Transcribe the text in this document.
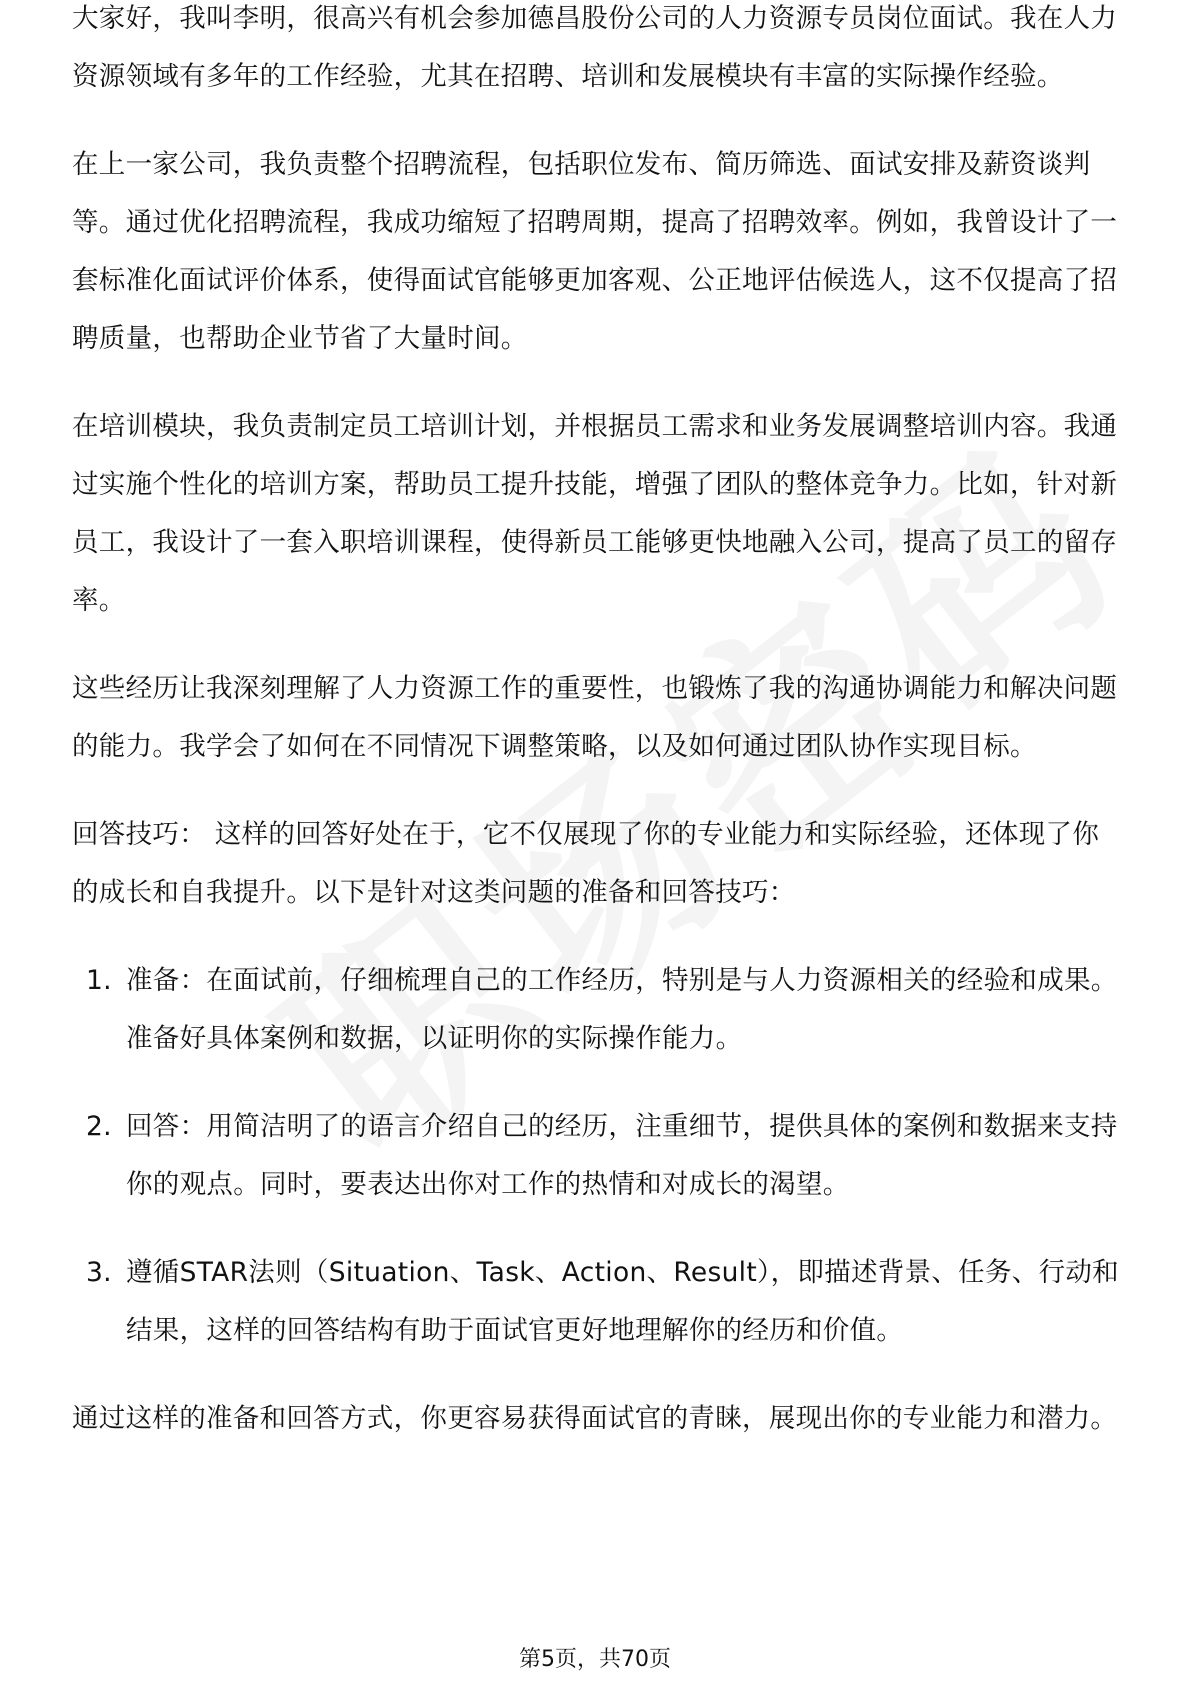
大家好，我叫李明，很高兴有机会参加德昌股份公司的人力资源专员岗位面试。我在人力资源领域有多年的工作经验，尤其在招聘、培训和发展模块有丰富的实际操作经验。

在上一家公司，我负责整个招聘流程，包括职位发布、简历筛选、面试安排及薪资谈判等。通过优化招聘流程，我成功缩短了招聘周期，提高了招聘效率。例如，我曾设计了一套标准化面试评价体系，使得面试官能够更加客观、公正地评估候选人，这不仅提高了招聘质量，也帮助企业节省了大量时间。

在培训模块，我负责制定员工培训计划，并根据员工需求和业务发展调整培训内容。我通过实施个性化的培训方案，帮助员工提升技能，增强了团队的整体竞争力。比如，针对新员工，我设计了一套入职培训课程，使得新员工能够更快地融入公司，提高了员工的留存率。

这些经历让我深刻理解了人力资源工作的重要性，也锻炼了我的沟通协调能力和解决问题的能力。我学会了如何在不同情况下调整策略，以及如何通过团队协作实现目标。

回答技巧： 这样的回答好处在于，它不仅展现了你的专业能力和实际经验，还体现了你的成长和自我提升。以下是针对这类问题的准备和回答技巧：

1. 准备：在面试前，仔细梳理自己的工作经历，特别是与人力资源相关的经验和成果。准备好具体案例和数据，以证明你的实际操作能力。
2. 回答：用简洁明了的语言介绍自己的经历，注重细节，提供具体的案例和数据来支持你的观点。同时，要表达出你对工作的热情和对成长的渴望。
3. 遵循STAR法则（Situation、Task、Action、Result），即描述背景、任务、行动和结果，这样的回答结构有助于面试官更好地理解你的经历和价值。

通过这样的准备和回答方式，你更容易获得面试官的青睐，展现出你的专业能力和潜力。

第5页，共70页
